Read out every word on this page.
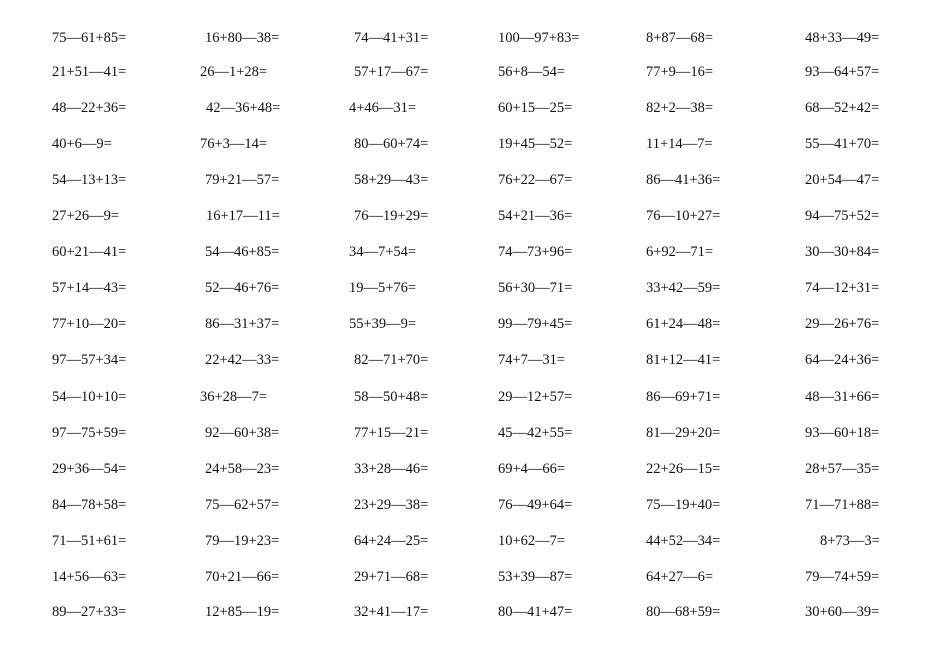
75—61+85=	16+80—38=	74—41+31=	100—97+83=	8+87—68=	48+33—49=
21+51—41=	26—1+28=	57+17—67=	56+8—54=	77+9—16=	93—64+57=
48—22+36=	42—36+48=	4+46—31=	60+15—25=	82+2—38=	68—52+42=
40+6—9=	76+3—14=	80—60+74=	19+45—52=	11+14—7=	55—41+70=
54—13+13=	79+21—57=	58+29—43=	76+22—67=	86—41+36=	20+54—47=
27+26—9=	16+17—11=	76—19+29=	54+21—36=	76—10+27=	94—75+52=
60+21—41=	54—46+85=	34—7+54=	74—73+96=	6+92—71=	30—30+84=
57+14—43=	52—46+76=	19—5+76=	56+30—71=	33+42—59=	74—12+31=
77+10—20=	86—31+37=	55+39—9=	99—79+45=	61+24—48=	29—26+76=
97—57+34=	22+42—33=	82—71+70=	74+7—31=	81+12—41=	64—24+36=
54—10+10=	36+28—7=	58—50+48=	29—12+57=	86—69+71=	48—31+66=
97—75+59=	92—60+38=	77+15—21=	45—42+55=	81—29+20=	93—60+18=
29+36—54=	24+58—23=	33+28—46=	69+4—66=	22+26—15=	28+57—35=
84—78+58=	75—62+57=	23+29—38=	76—49+64=	75—19+40=	71—71+88=
71—51+61=	79—19+23=	64+24—25=	10+62—7=	44+52—34=	8+73—3=
14+56—63=	70+21—66=	29+71—68=	53+39—87=	64+27—6=	79—74+59=
89—27+33=	12+85—19=	32+41—17=	80—41+47=	80—68+59=	30+60—39=
